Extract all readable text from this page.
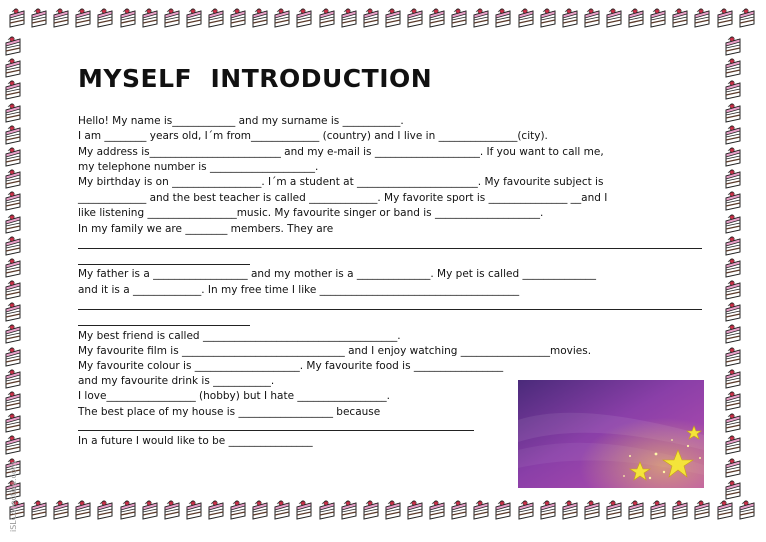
MYSELF  INTRODUCTION
Hello! My name is____________ and my surname is ___________.
I am ________ years old, I´m from_____________ (country) and I live in _______________(city).
My address is_________________________ and my e-mail is ____________________. If you want to call me,
my telephone number is ____________________.
My birthday is on _________________. I´m a student at _______________________. My favourite subject is
_____________ and the best teacher is called _____________. My favorite sport is _______________ __and I
like listening _________________music. My favourite singer or band is ____________________.
In my family we are ________ members. They are
My father is a __________________ and my mother is a ______________. My pet is called ______________
and it is a _____________. In my free time I like ______________________________________
My best friend is called _____________________________________.
My favourite film is _______________________________ and I enjoy watching _________________movies.
My favourite colour is ____________________. My favourite food is _________________
and my favourite drink is ___________.
I love_________________ (hobby) but I hate _________________.
The best place of my house is __________________ because
In a future I would like to be ________________
iSLCollective.com
